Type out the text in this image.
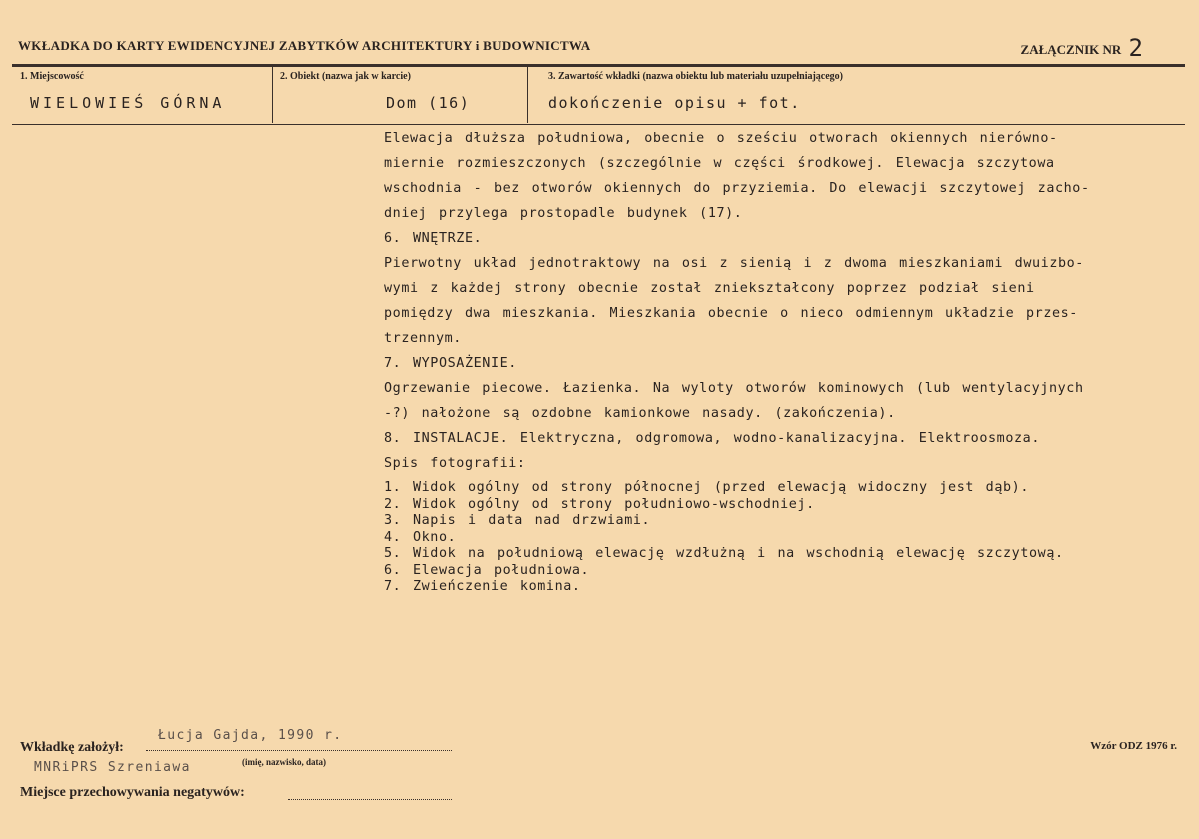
WKŁADKA DO KARTY EWIDENCYJNEJ ZABYTKÓW ARCHITEKTURY i BUDOWNICTWA	ZAŁĄCZNIK NR 2
1. Miejscowość
WIELOWIEŚ GÓRNA
2. Obiekt (nazwa jak w karcie)
Dom (16)
3. Zawartość wkładki (nazwa obiektu lub materiału uzupełniającego)
dokończenie opisu + fot.

Elewacja dłuższa południowa, obecnie o sześciu otworach okiennych nierówno-

miernie rozmieszczonych (szczególnie w części środkowej. Elewacja szczytowa

wschodnia - bez otworów okiennych do przyziemia. Do elewacji szczytowej zacho-

dniej przylega prostopadle budynek (17).

6. WNĘTRZE.

Pierwotny układ jednotraktowy na osi z sienią i z dwoma mieszkaniami dwuizbo-

wymi z każdej strony obecnie został zniekształcony poprzez podział sieni

pomiędzy dwa mieszkania. Mieszkania obecnie o nieco odmiennym układzie przes-

trzennym.

7. WYPOSAŻENIE.

Ogrzewanie piecowe. Łazienka. Na wyloty otworów kominowych (lub wentylacyjnych

-?) nałożone są ozdobne kamionkowe nasady. (zakończenia).

8. INSTALACJE. Elektryczna, odgromowa, wodno-kanalizacyjna. Elektroosmoza.

Spis fotografii:

1. Widok ogólny od strony północnej (przed elewacją widoczny jest dąb).
2. Widok ogólny od strony południowo-wschodniej.
3. Napis i data nad drzwiami.
4. Okno.
5. Widok na południową elewację wzdłużną i na wschodnią elewację szczytową.
6. Elewacja południowa.
7. Zwieńczenie komina.
Wkładkę założył:
Łucja Gajda, 1990 r.
(imię, nazwisko, data)
MNRiPRS Szreniawa
Miejsce przechowywania negatywów:
Wzór ODZ 1976 r.
